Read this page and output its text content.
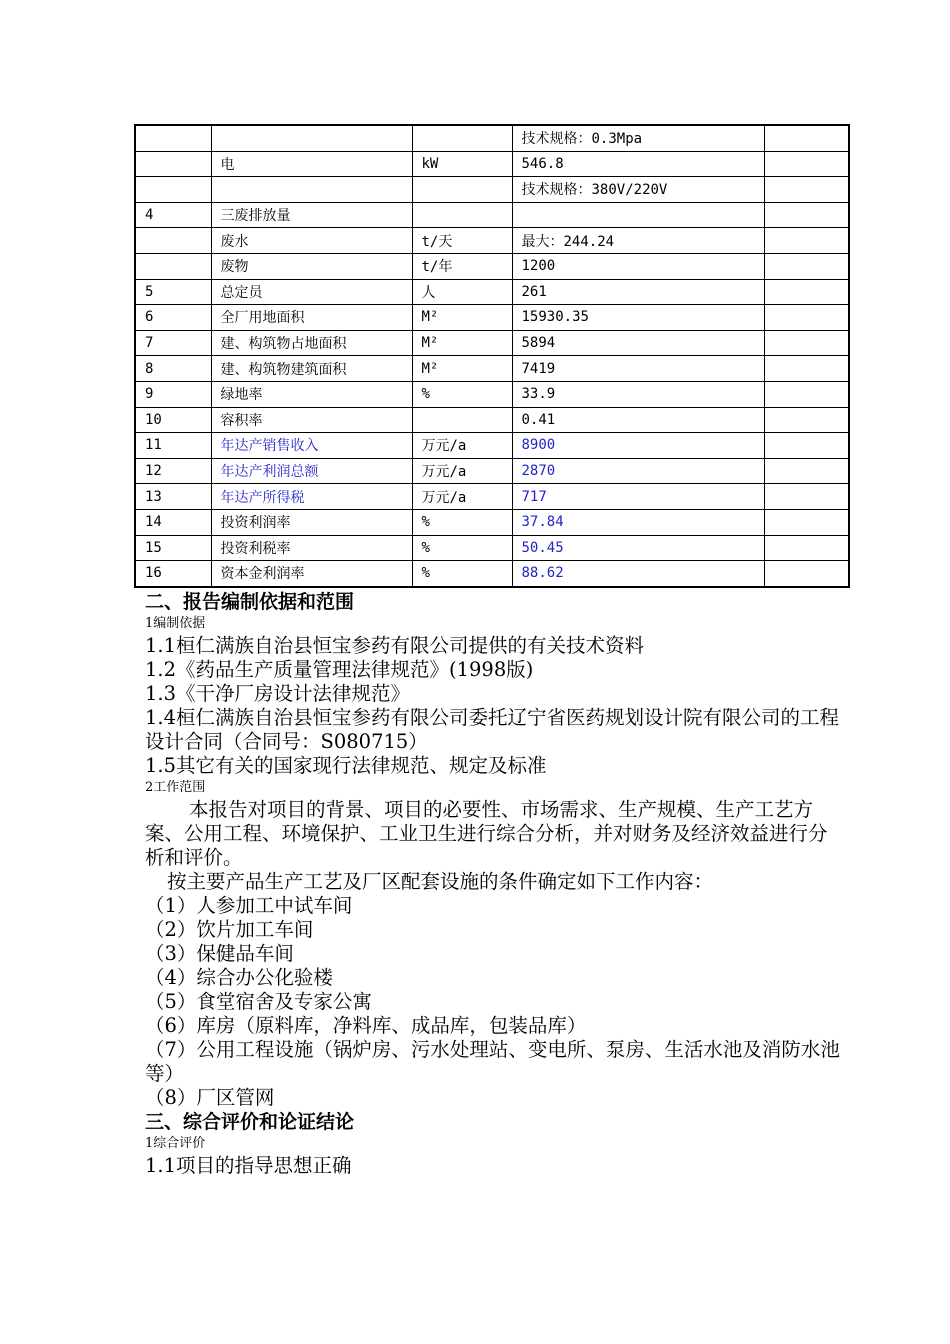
			技术规格：0.3Mpa	
	电	kW	546.8	
			技术规格：380V/220V	
4	三废排放量			
	废水	t/天	最大：244.24	
	废物	t/年	1200	
5	总定员	人	261	
6	全厂用地面积	M²	15930.35	
7	建、构筑物占地面积	M²	5894	
8	建、构筑物建筑面积	M²	7419	
9	绿地率	%	33.9	
10	容积率		0.41	
11	年达产销售收入	万元/a	8900	
12	年达产利润总额	万元/a	2870	
13	年达产所得税	万元/a	717	
14	投资利润率	%	37.84	
15	投资利税率	%	50.45	
16	资本金利润率	%	88.62	
二、报告编制依据和范围
1编制依据

1.1桓仁满族自治县恒宝参药有限公司提供的有关技术资料

1.2《药品生产质量管理法律规范》(1998版)

1.3《干净厂房设计法律规范》

1.4桓仁满族自治县恒宝参药有限公司委托辽宁省医药规划设计院有限公司的工程设计合同（合同号：S080715）

1.5其它有关的国家现行法律规范、规定及标准

2工作范围

本报告对项目的背景、项目的必要性、市场需求、生产规模、生产工艺方案、公用工程、环境保护、工业卫生进行综合分析，并对财务及经济效益进行分析和评价。

按主要产品生产工艺及厂区配套设施的条件确定如下工作内容：

（1）人参加工中试车间

（2）饮片加工车间

（3）保健品车间

（4）综合办公化验楼

（5）食堂宿舍及专家公寓

（6）库房（原料库，净料库、成品库，包装品库）

（7）公用工程设施（锅炉房、污水处理站、变电所、泵房、生活水池及消防水池等）

（8）厂区管网

三、综合评价和论证结论
1综合评价

1.1项目的指导思想正确
